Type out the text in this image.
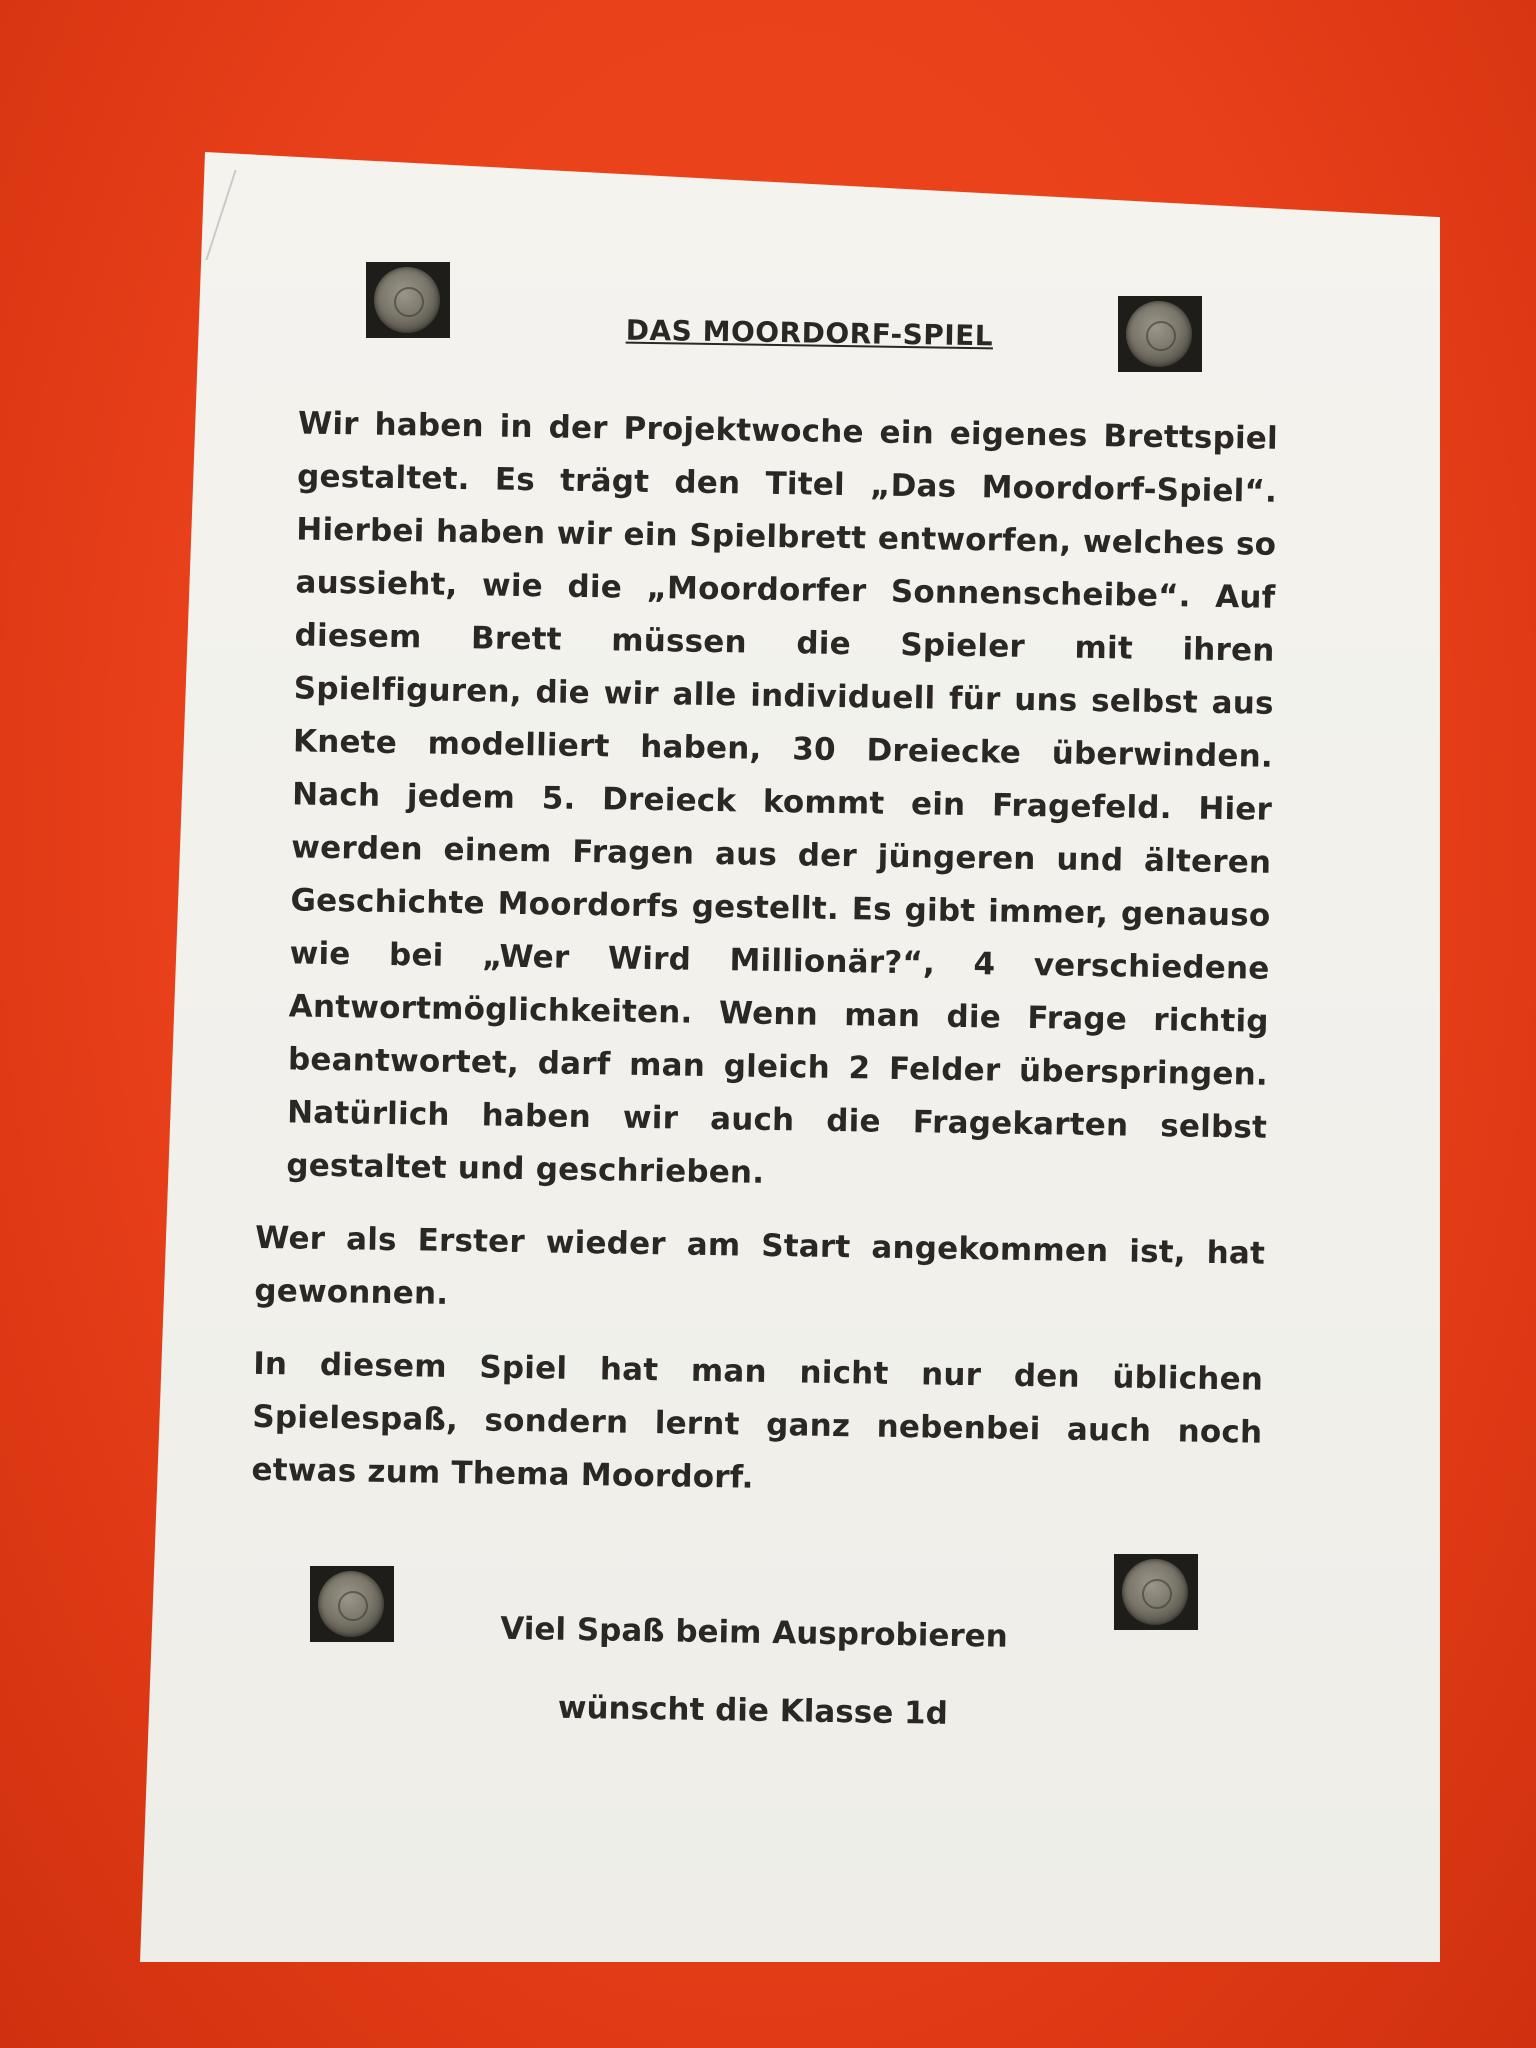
DAS MOORDORF-SPIEL

Wir haben in der Projektwoche ein eigenes Brettspiel gestaltet. Es trägt den Titel „Das Moordorf-Spiel“. Hierbei haben wir ein Spielbrett entworfen, welches so aussieht, wie die „Moordorfer Sonnenscheibe“. Auf diesem Brett müssen die Spieler mit ihren Spielfiguren, die wir alle individuell für uns selbst aus Knete modelliert haben, 30 Dreiecke überwinden. Nach jedem 5. Dreieck kommt ein Fragefeld. Hier werden einem Fragen aus der jüngeren und älteren Geschichte Moordorfs gestellt. Es gibt immer, genauso wie bei „Wer Wird Millionär?“, 4 verschiedene Antwortmöglichkeiten. Wenn man die Frage richtig beantwortet, darf man gleich 2 Felder überspringen. Natürlich haben wir auch die Fragekarten selbst gestaltet und geschrieben.

Wer als Erster wieder am Start angekommen ist, hat gewonnen.

In diesem Spiel hat man nicht nur den üblichen Spielespaß, sondern lernt ganz nebenbei auch noch etwas zum Thema Moordorf.

Viel Spaß beim Ausprobieren
wünscht die Klasse 1d
